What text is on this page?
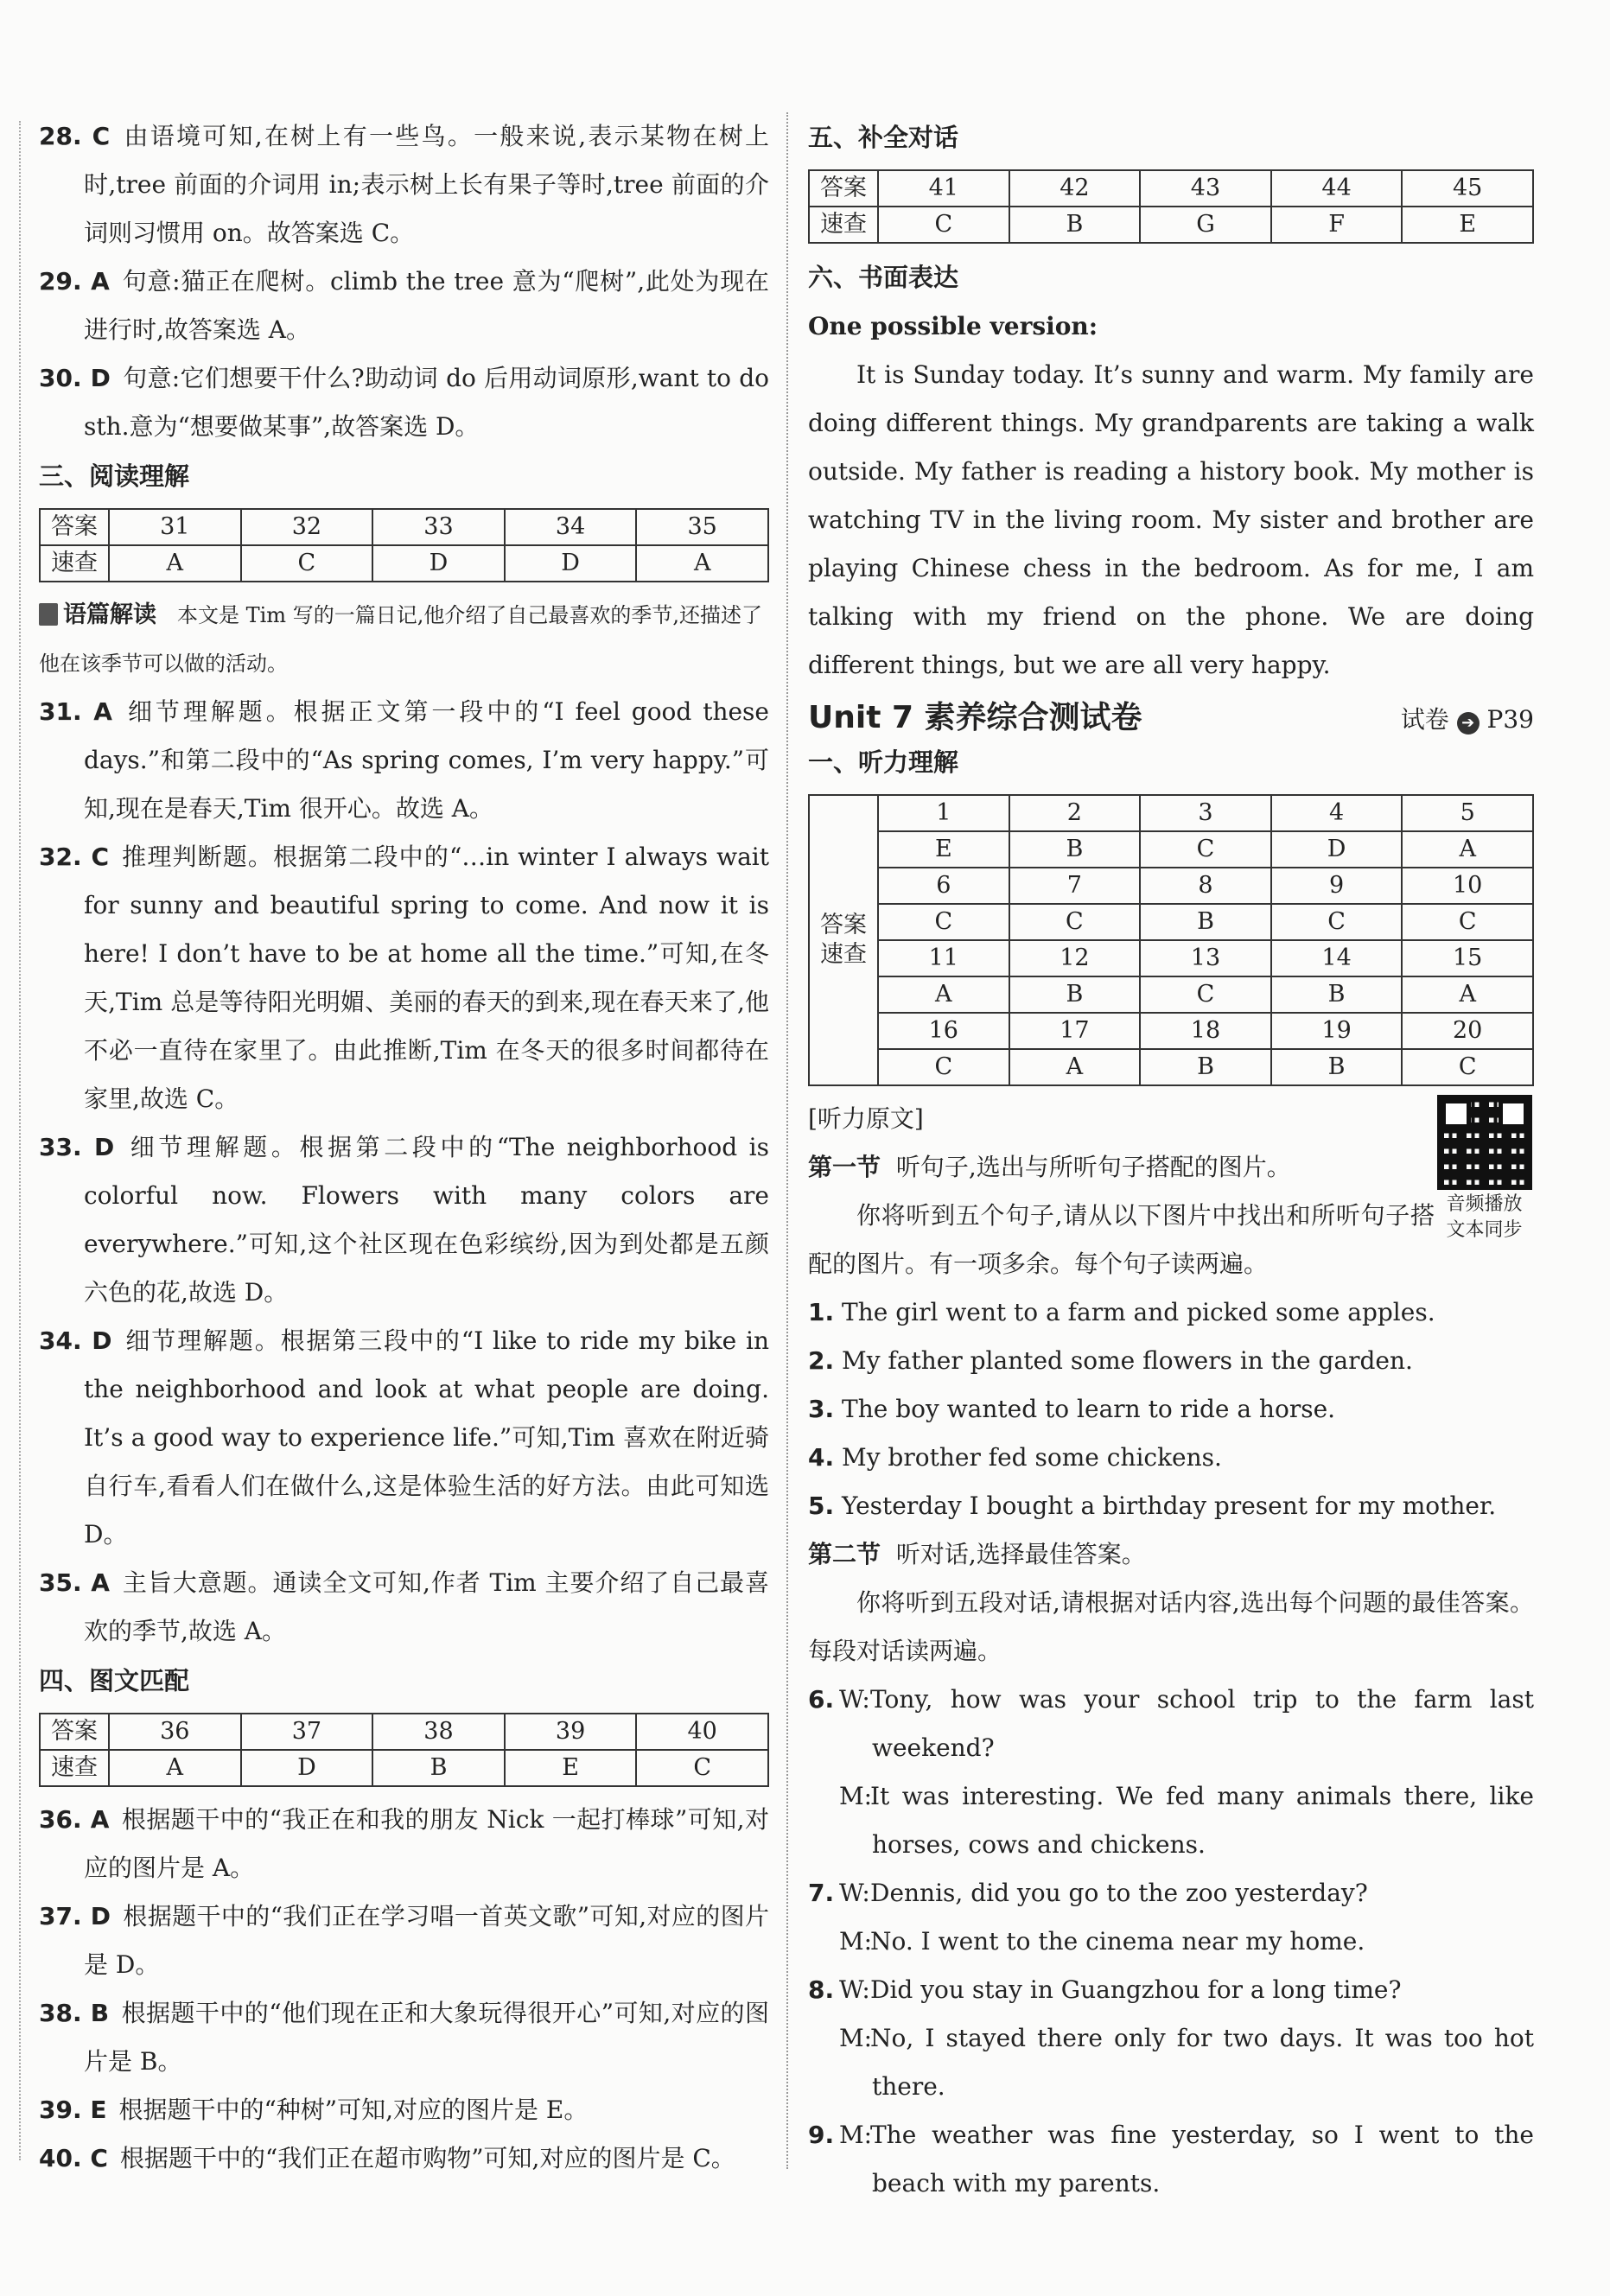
28. C 由语境可知,在树上有一些鸟。一般来说,表示某物在树上时,tree 前面的介词用 in;表示树上长有果子等时,tree 前面的介词则习惯用 on。故答案选 C。

29. A 句意:猫正在爬树。climb the tree 意为“爬树”,此处为现在进行时,故答案选 A。

30. D 句意:它们想要干什么?助动词 do 后用动词原形,want to do sth.意为“想要做某事”,故答案选 D。

三、阅读理解

答案	31	32	33	34	35
速查	A	C	D	D	A

语篇解读 本文是 Tim 写的一篇日记,他介绍了自己最喜欢的季节,还描述了他在该季节可以做的活动。

31. A 细节理解题。根据正文第一段中的“I feel good these days.”和第二段中的“As spring comes, I’m very happy.”可知,现在是春天,Tim 很开心。故选 A。

32. C 推理判断题。根据第二段中的“…in winter I always wait for sunny and beautiful spring to come. And now it is here! I don’t have to be at home all the time.”可知,在冬天,Tim 总是等待阳光明媚、美丽的春天的到来,现在春天来了,他不必一直待在家里了。由此推断,Tim 在冬天的很多时间都待在家里,故选 C。

33. D 细节理解题。根据第二段中的“The neighborhood is colorful now. Flowers with many colors are everywhere.”可知,这个社区现在色彩缤纷,因为到处都是五颜六色的花,故选 D。

34. D 细节理解题。根据第三段中的“I like to ride my bike in the neighborhood and look at what people are doing. It’s a good way to experience life.”可知,Tim 喜欢在附近骑自行车,看看人们在做什么,这是体验生活的好方法。由此可知选 D。

35. A 主旨大意题。通读全文可知,作者 Tim 主要介绍了自己最喜欢的季节,故选 A。

四、图文匹配

答案	36	37	38	39	40
速查	A	D	B	E	C

36. A 根据题干中的“我正在和我的朋友 Nick 一起打棒球”可知,对应的图片是 A。

37. D 根据题干中的“我们正在学习唱一首英文歌”可知,对应的图片是 D。

38. B 根据题干中的“他们现在正和大象玩得很开心”可知,对应的图片是 B。

39. E 根据题干中的“种树”可知,对应的图片是 E。

40. C 根据题干中的“我们正在超市购物”可知,对应的图片是 C。

五、补全对话

答案	41	42	43	44	45
速查	C	B	G	F	E

六、书面表达

One possible version:

It is Sunday today. It’s sunny and warm. My family are doing different things. My grandparents are taking a walk outside. My father is reading a history book. My mother is watching TV in the living room. My sister and brother are playing Chinese chess in the bedroom. As for me, I am talking with my friend on the phone. We are doing different things, but we are all very happy.

Unit 7 素养综合测试卷	试卷 ➔ P39

一、听力理解

答案
速查	1	2	3	4	5
	E	B	C	D	A
	6	7	8	9	10
	C	C	B	C	C
	11	12	13	14	15
	A	B	C	B	A
	16	17	18	19	20
	C	A	B	B	C

[听力原文]

第一节 听句子,选出与所听句子搭配的图片。

你将听到五个句子,请从以下图片中找出和所听句子搭配的图片。有一项多余。每个句子读两遍。

音频播放
文本同步

1. The girl went to a farm and picked some apples.

2. My father planted some flowers in the garden.

3. The boy wanted to learn to ride a horse.

4. My brother fed some chickens.

5. Yesterday I bought a birthday present for my mother.

第二节 听对话,选择最佳答案。

你将听到五段对话,请根据对话内容,选出每个问题的最佳答案。每段对话读两遍。

6. W:Tony, how was your school trip to the farm last weekend?

M:It was interesting. We fed many animals there, like horses, cows and chickens.

7. W:Dennis, did you go to the zoo yesterday?

M:No. I went to the cinema near my home.

8. W:Did you stay in Guangzhou for a long time?

M:No, I stayed there only for two days. It was too hot there.

9. M:The weather was fine yesterday, so I went to the beach with my parents.
